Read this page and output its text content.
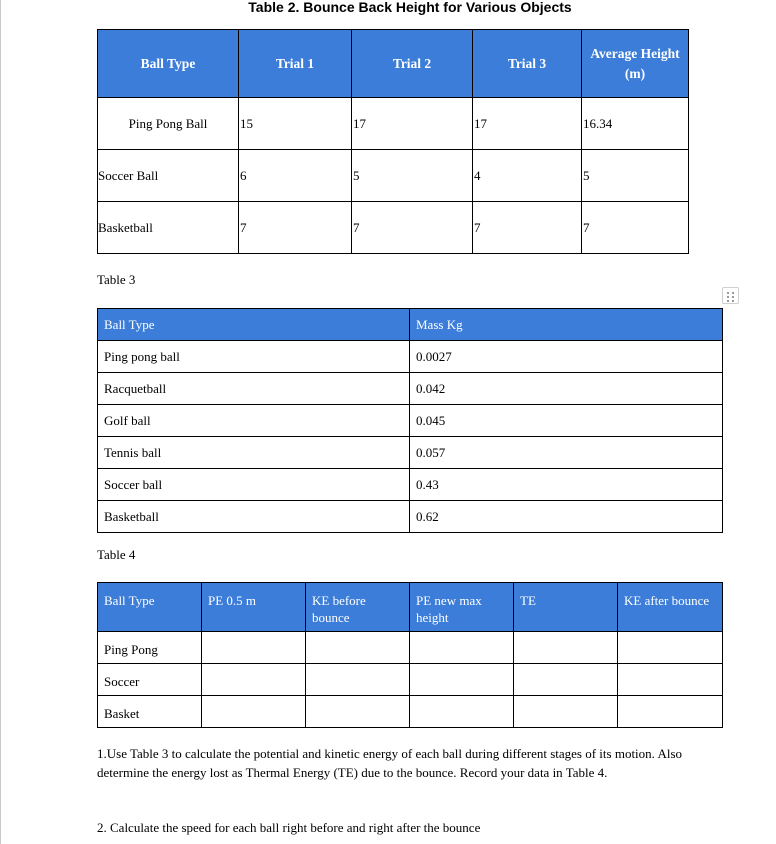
Table 2. Bounce Back Height for Various Objects
Ball Type	Trial 1	Trial 2	Trial 3	Average Height (m)
Ping Pong Ball	15	17	17	16.34
Soccer Ball	6	5	4	5
Basketball	7	7	7	7
Table 3
Ball Type	Mass Kg
Ping pong ball	0.0027
Racquetball	0.042
Golf ball	0.045
Tennis ball	0.057
Soccer ball	0.43
Basketball	0.62
Table 4
Ball Type	PE 0.5 m	KE before bounce	PE new max height	TE	KE after bounce
Ping Pong					
Soccer					
Basket					
1.Use Table 3 to calculate the potential and kinetic energy of each ball during different stages of its motion. Also determine the energy lost as Thermal Energy (TE) due to the bounce. Record your data in Table 4.
2. Calculate the speed for each ball right before and right after the bounce
